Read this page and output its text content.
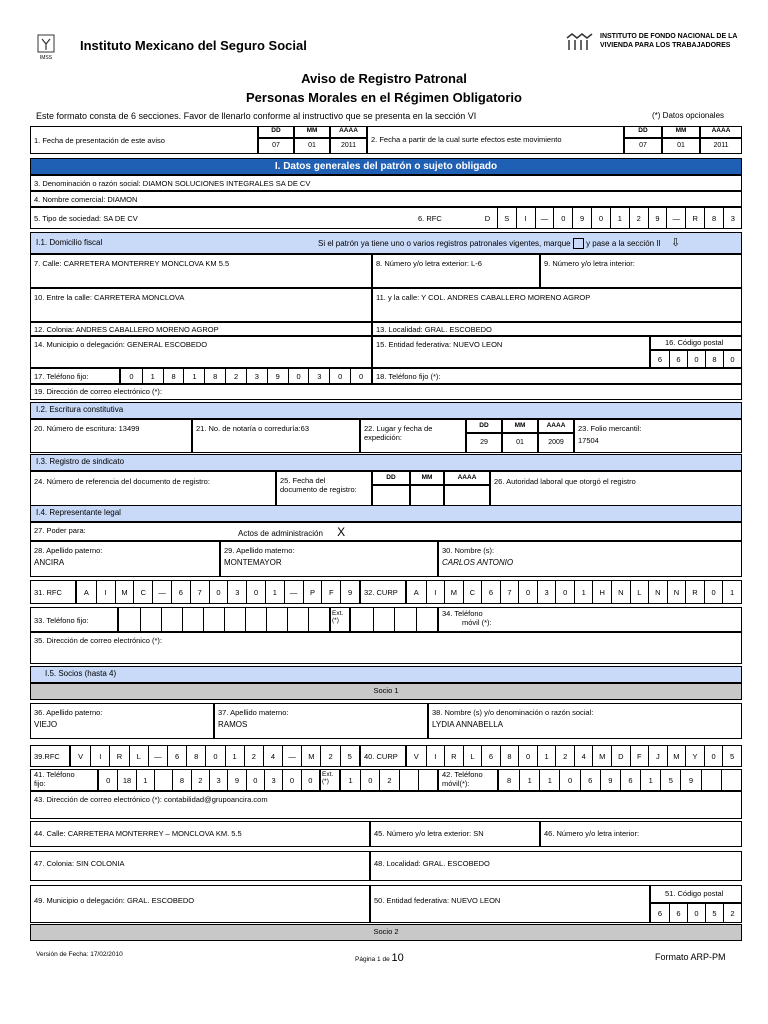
IMSS
Instituto Mexicano del Seguro Social
INSTITUTO DE FONDO NACIONAL DE LA
VIVIENDA PARA LOS TRABAJADORES
Aviso de Registro Patronal
Personas Morales en el Régimen Obligatorio
Este formato consta de 6 secciones. Favor de llenarlo conforme al instructivo que se presenta en la sección VI	(*) Datos opcionales
1. Fecha de presentación de este aviso
DD	MM	AAAA
07	01	2011
2. Fecha a partir de la cual surte efectos este movimiento
DD	MM	AAAA
07	01	2011
I. Datos generales del patrón o sujeto obligado
3. Denominación o razón social: DIAMON SOLUCIONES INTEGRALES SA DE CV
4. Nombre comercial: DIAMON
5. Tipo de sociedad: SA DE CV	6. RFC	D	S	I	—	0	9	0	1	2	9	—	R	8	3
I.1. Domicilio fiscal	Si el patrón ya tiene uno o varios registros patronales vigentes, marque y pase a la sección II ⇩
7. Calle: CARRETERA MONTERREY MONCLOVA KM 5.5	8. Número y/o letra exterior: L-6	9. Número y/o letra interior:
10. Entre la calle: CARRETERA MONCLOVA	11. y la calle: Y COL. ANDRES CABALLERO MORENO AGROP
12. Colonia: ANDRES CABALLERO MORENO AGROP	13. Localidad: GRAL. ESCOBEDO
14. Municipio o delegación: GENERAL ESCOBEDO	15. Entidad federativa: NUEVO LEON	16. Código postal
6	6	0	8	0
17. Teléfono fijo:	0	1	8	1	8	2	3	9	0	3	0	0	18. Teléfono fijo (*):
19. Dirección de correo electrónico (*):
I.2. Escritura constitutiva
20. Número de escritura: 13499	21. No. de notaría o correduría:63	22. Lugar y fecha de
expedición:
DD	MM	AAAA
29	01	2009
23. Folio mercantil:
17504
I.3. Registro de sindicato
24. Número de referencia del documento de registro:	25. Fecha del
documento de registro:
DD	MM	AAAA	26. Autoridad laboral que otorgó el registro
I.4. Representante legal
27. Poder para:	Actos de administración X
28. Apellido paterno:
ANCIRA
29. Apellido materno:
MONTEMAYOR
30. Nombre (s):
CARLOS ANTONIO
31. RFC	A	I	M	C	—	6	7	0	3	0	1	—	P	F	9	32. CURP	A	I	M	C	6	7	0	3	0	1	H	N	L	N	N	R	0	1
33. Teléfono fijo:
Ext. (*)
34. Teléfono
móvil (*):
35. Dirección de correo electrónico (*):
I.5. Socios (hasta 4)
Socio 1
36. Apellido paterno:
VIEJO
37. Apellido materno:
RAMOS
38. Nombre (s) y/o denominación o razón social:
LYDIA ANNABELLA
39.RFC	V	I	R	L	—	6	8	0	1	2	4	—	M	2	5	40. CURP	V	I	R	L	6	8	0	1	2	4	M	D	F	J	M	Y	0	5
41. Teléfono
fijo:	0	18	1	8	2	3	9	0	3	0	0
Ext. (*)	1	0	2
42. Teléfono
móvil(*):	8	1	1	0	6	9	6	1	5	9
43. Dirección de correo electrónico (*): contabilidad@grupoancira.com
44. Calle: CARRETERA MONTERREY – MONCLOVA KM. 5.5	45. Número y/o letra exterior: SN	46. Número y/o letra interior:
47. Colonia: SIN COLONIA	48. Localidad: GRAL. ESCOBEDO
49. Municipio o delegación: GRAL. ESCOBEDO	50. Entidad federativa: NUEVO LEON
51. Código postal
6	6	0	5	2
Socio 2
Versión de Fecha: 17/02/2010
Página 1 de 10	Formato ARP-PM
